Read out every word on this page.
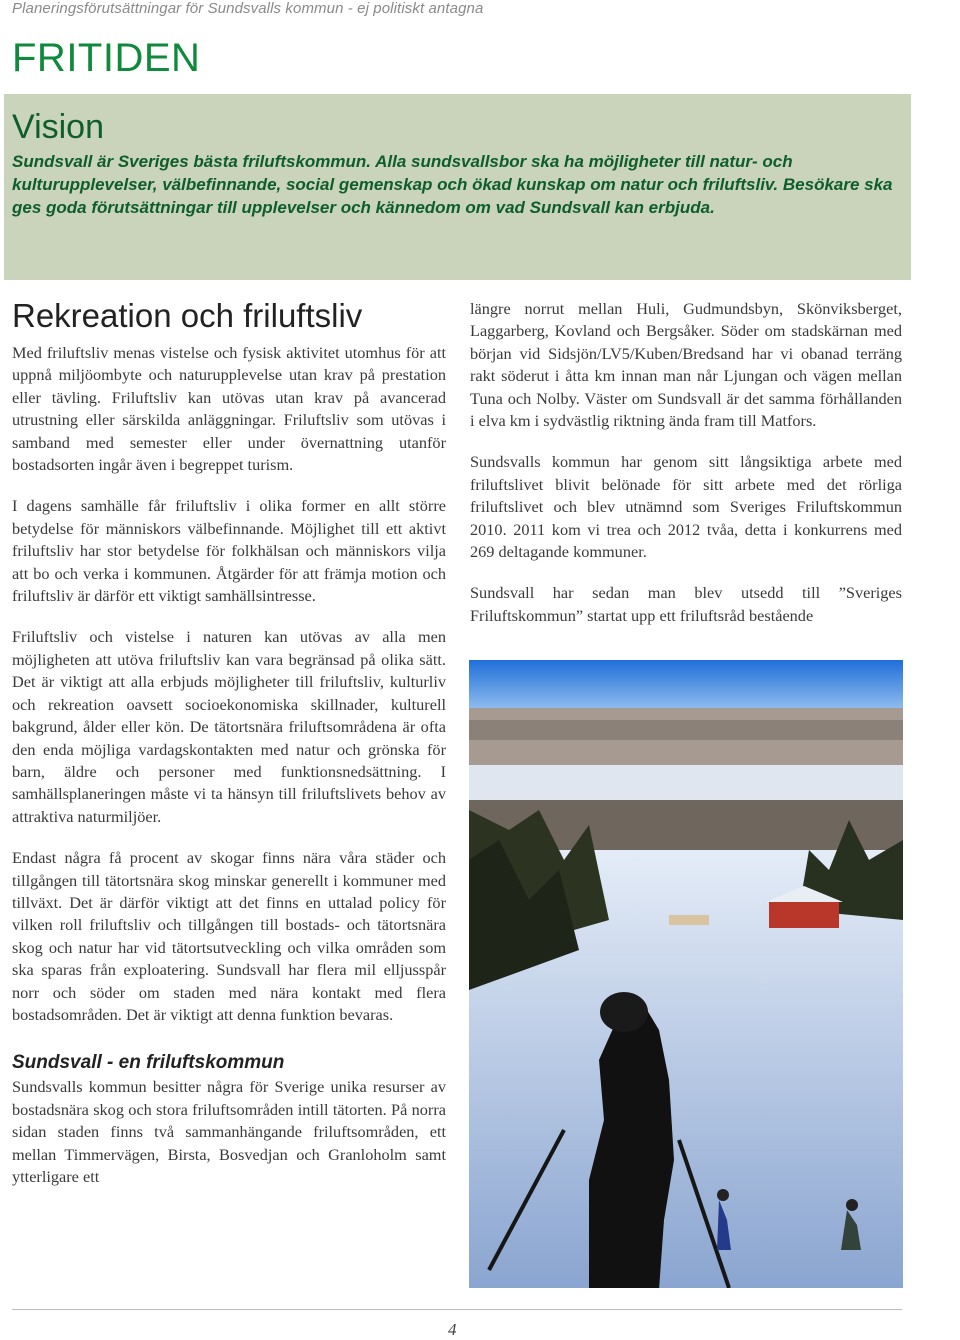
Planeringsförutsättningar för Sundsvalls kommun - ej politiskt antagna
FRITIDEN
Vision
Sundsvall är Sveriges bästa friluftskommun. Alla sundsvallsbor ska ha möjligheter till natur- och kulturupplevelser, välbefinnande, social gemenskap och ökad kunskap om natur och friluftsliv. Besökare ska ges goda förutsättningar till upplevelser och kännedom om vad Sundsvall kan erbjuda.
Rekreation och friluftsliv

Med friluftsliv menas vistelse och fysisk aktivitet utomhus för att uppnå miljöombyte och naturupplevelse utan krav på prestation eller tävling. Friluftsliv kan utövas utan krav på avancerad utrustning eller särskilda anläggningar. Friluftsliv som utövas i samband med semester eller under övernattning utanför bostadsorten ingår även i begreppet turism.

I dagens samhälle får friluftsliv i olika former en allt större betydelse för människors välbefinnande. Möjlighet till ett aktivt friluftsliv har stor betydelse för folkhälsan och människors vilja att bo och verka i kommunen. Åtgärder för att främja motion och friluftsliv är därför ett viktigt samhällsintresse.

Friluftsliv och vistelse i naturen kan utövas av alla men möjligheten att utöva friluftsliv kan vara begränsad på olika sätt. Det är viktigt att alla erbjuds möjligheter till friluftsliv, kulturliv och rekreation oavsett socioekonomiska skillnader, kulturell bakgrund, ålder eller kön. De tätortsnära friluftsområdena är ofta den enda möjliga vardagskontakten med natur och grönska för barn, äldre och personer med funktionsnedsättning. I samhällsplaneringen måste vi ta hänsyn till friluftslivets behov av attraktiva naturmiljöer.

Endast några få procent av skogar finns nära våra städer och tillgången till tätortsnära skog minskar generellt i kommuner med tillväxt. Det är därför viktigt att det finns en uttalad policy för vilken roll friluftsliv och tillgången till bostads- och tätortsnära skog och natur har vid tätortsutveckling och vilka områden som ska sparas från exploatering. Sundsvall har flera mil elljusspår norr och söder om staden med nära kontakt med flera bostadsområden. Det är viktigt att denna funktion bevaras.

Sundsvall - en friluftskommun

Sundsvalls kommun besitter några för Sverige unika resurser av bostadsnära skog och stora friluftsområden intill tätorten. På norra sidan staden finns två sammanhängande friluftsområden, ett mellan Timmervägen, Birsta, Bosvedjan och Granloholm samt ytterligare ett

längre norrut mellan Huli, Gudmundsbyn, Skönviksberget, Laggarberg, Kovland och Bergsåker. Söder om stadskärnan med början vid Sidsjön/LV5/Kuben/Bredsand har vi obanad terräng rakt söderut i åtta km innan man når Ljungan och vägen mellan Tuna och Nolby. Väster om Sundsvall är det samma förhållanden i elva km i sydvästlig riktning ända fram till Matfors.

Sundsvalls kommun har genom sitt långsiktiga arbete med friluftslivet blivit belönade för sitt arbete med det rörliga friluftslivet och blev utnämnd som Sveriges Friluftskommun 2010. 2011 kom vi trea och 2012 tvåa, detta i konkurrens med 269 deltagande kommuner.

Sundsvall har sedan man blev utsedd till ”Sveriges Friluftskommun” startat upp ett friluftsråd bestående

4
